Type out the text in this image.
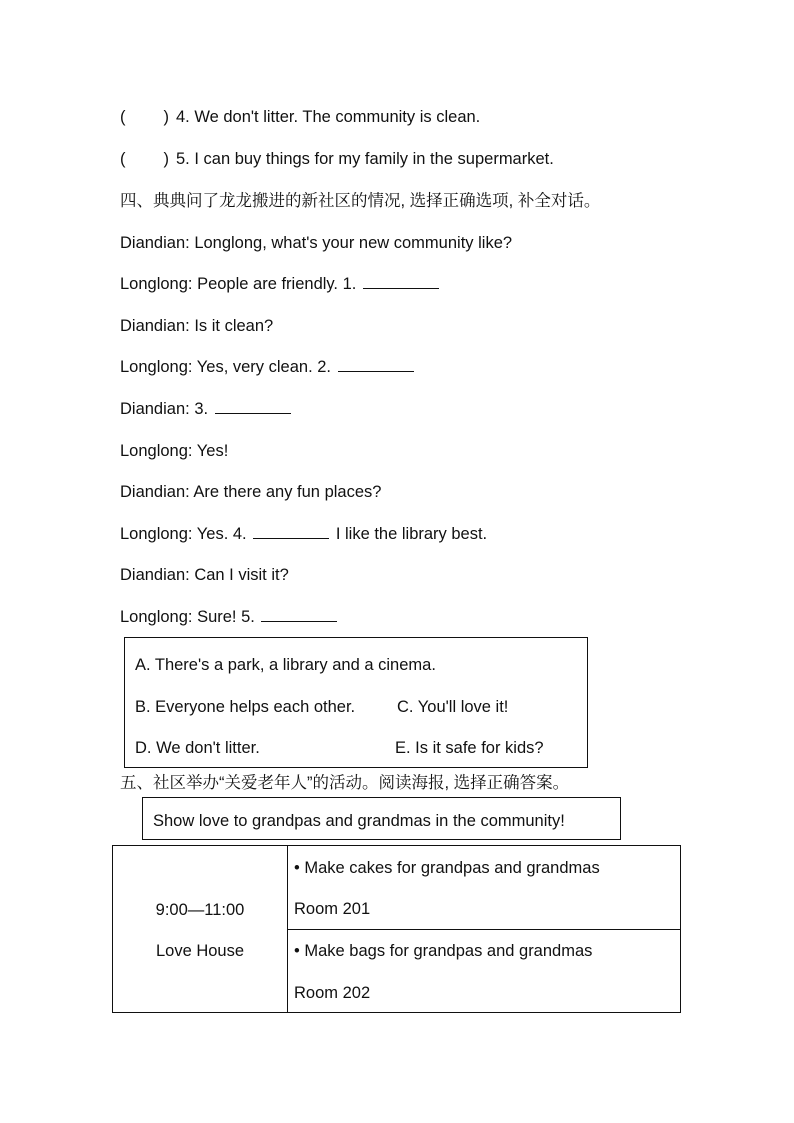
( ) 4. We don't litter. The community is clean.
( ) 5. I can buy things for my family in the supermarket.
四、典典问了龙龙搬进的新社区的情况, 选择正确选项, 补全对话。
Diandian: Longlong, what's your new community like?
Longlong: People are friendly. 1.
Diandian: Is it clean?
Longlong: Yes, very clean. 2.
Diandian: 3.
Longlong: Yes!
Diandian: Are there any fun places?
Longlong: Yes. 4.	I like the library best.
Diandian: Can I visit it?
Longlong: Sure! 5.
A. There's a park, a library and a cinema.
B. Everyone helps each other.	C. You'll love it!
D. We don't litter.	E. Is it safe for kids?
五、社区举办“关爱老年人”的活动。阅读海报, 选择正确答案。
Show love to grandpas and grandmas in the community!
9:00—11:00
Love House
• Make cakes for grandpas and grandmas
Room 201
• Make bags for grandpas and grandmas
Room 202
